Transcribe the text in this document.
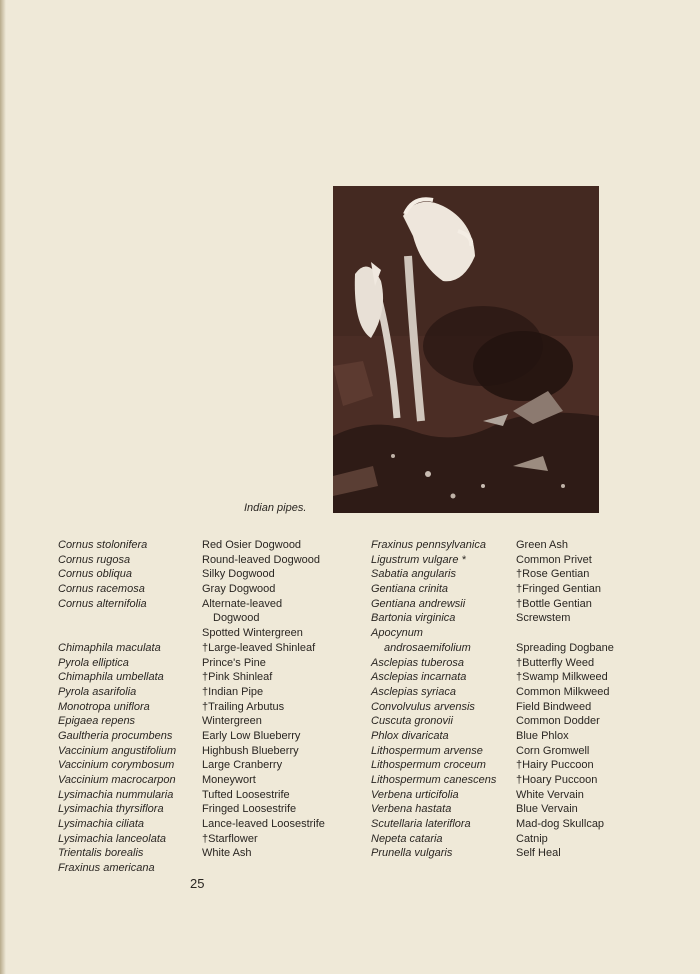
Indian pipes.
Cornus stolonifera
Cornus rugosa
Cornus obliqua
Cornus racemosa
Cornus alternifolia
Chimaphila maculata
Pyrola elliptica
Chimaphila umbellata
Pyrola asarifolia
Monotropa uniflora
Epigaea repens
Gaultheria procumbens
Vaccinium angustifolium
Vaccinium corymbosum
Vaccinium macrocarpon
Lysimachia nummularia
Lysimachia thyrsiflora
Lysimachia ciliata
Lysimachia lanceolata
Trientalis borealis
Fraxinus americana
Red Osier Dogwood
Round-leaved Dogwood
Silky Dogwood
Gray Dogwood
Alternate-leaved
Dogwood
Spotted Wintergreen
†Large-leaved Shinleaf
Prince's Pine
†Pink Shinleaf
†Indian Pipe
†Trailing Arbutus
Wintergreen
Early Low Blueberry
Highbush Blueberry
Large Cranberry
Moneywort
Tufted Loosestrife
Fringed Loosestrife
Lance-leaved Loosestrife
†Starflower
White Ash
Fraxinus pennsylvanica
Ligustrum vulgare *
Sabatia angularis
Gentiana crinita
Gentiana andrewsii
Bartonia virginica
Apocynum
androsaemifolium
Asclepias tuberosa
Asclepias incarnata
Asclepias syriaca
Convolvulus arvensis
Cuscuta gronovii
Phlox divaricata
Lithospermum arvense
Lithospermum croceum
Lithospermum canescens
Verbena urticifolia
Verbena hastata
Scutellaria lateriflora
Nepeta cataria
Prunella vulgaris
Green Ash
Common Privet
†Rose Gentian
†Fringed Gentian
†Bottle Gentian
Screwstem
Spreading Dogbane
†Butterfly Weed
†Swamp Milkweed
Common Milkweed
Field Bindweed
Common Dodder
Blue Phlox
Corn Gromwell
†Hairy Puccoon
†Hoary Puccoon
White Vervain
Blue Vervain
Mad-dog Skullcap
Catnip
Self Heal
25
